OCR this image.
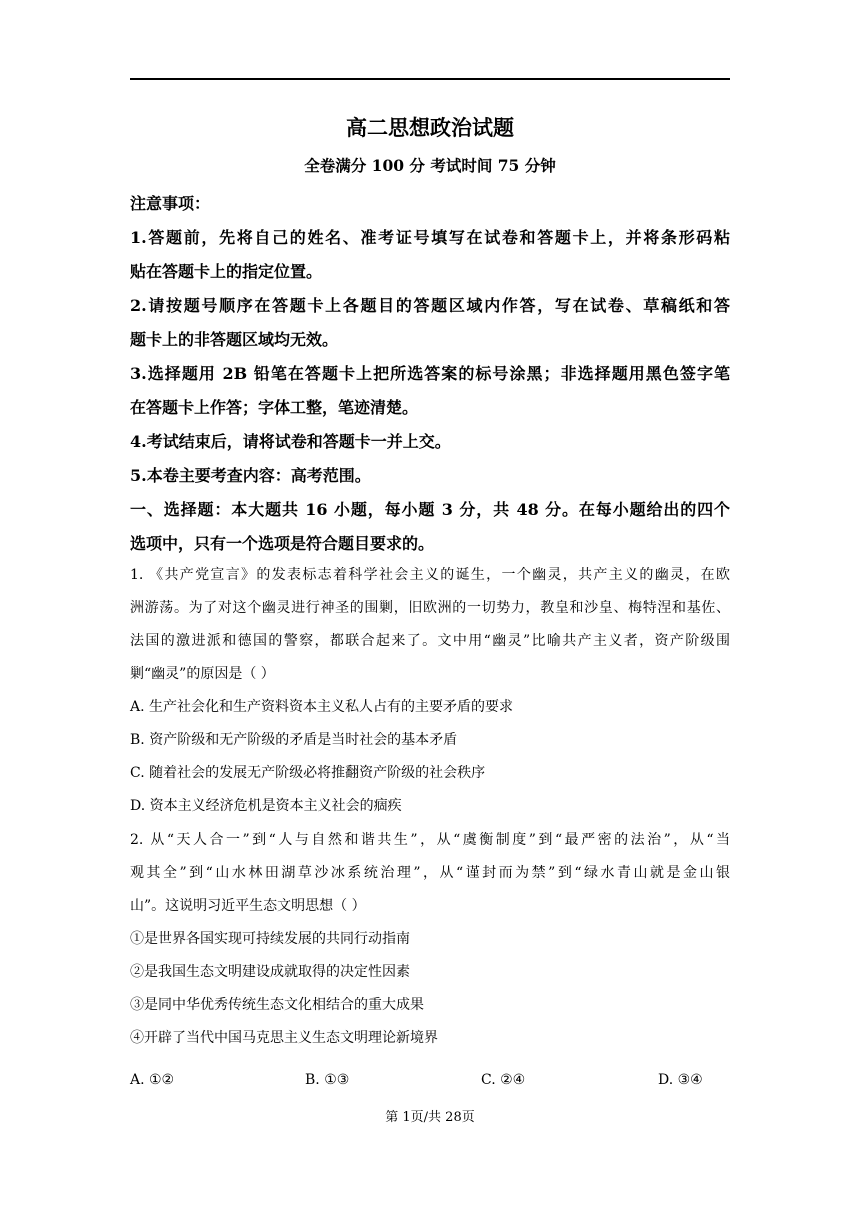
高二思想政治试题
全卷满分 100 分 考试时间 75 分钟
注意事项：
1.答题前，先将自己的姓名、准考证号填写在试卷和答题卡上，并将条形码粘
贴在答题卡上的指定位置。
2.请按题号顺序在答题卡上各题目的答题区域内作答，写在试卷、草稿纸和答
题卡上的非答题区域均无效。
3.选择题用 2B 铅笔在答题卡上把所选答案的标号涂黑；非选择题用黑色签字笔
在答题卡上作答；字体工整，笔迹清楚。
4.考试结束后，请将试卷和答题卡一并上交。
5.本卷主要考查内容：高考范围。
一、选择题：本大题共 16 小题，每小题 3 分，共 48 分。在每小题给出的四个
选项中，只有一个选项是符合题目要求的。
1. 《共产党宣言》的发表标志着科学社会主义的诞生，一个幽灵，共产主义的幽灵，在欧
洲游荡。为了对这个幽灵进行神圣的围剿，旧欧洲的一切势力，教皇和沙皇、梅特涅和基佐、
法国的激进派和德国的警察，都联合起来了。文中用“幽灵”比喻共产主义者，资产阶级围
剿“幽灵”的原因是（ ）
A. 生产社会化和生产资料资本主义私人占有的主要矛盾的要求
B. 资产阶级和无产阶级的矛盾是当时社会的基本矛盾
C. 随着社会的发展无产阶级必将推翻资产阶级的社会秩序
D. 资本主义经济危机是资本主义社会的痼疾
2. 从“天人合一”到“人与自然和谐共生”，从“虞衡制度”到“最严密的法治”，从“当
观其全”到“山水林田湖草沙冰系统治理”，从“谨封而为禁”到“绿水青山就是金山银
山”。这说明习近平生态文明思想（ ）
①是世界各国实现可持续发展的共同行动指南
②是我国生态文明建设成就取得的决定性因素
③是同中华优秀传统生态文化相结合的重大成果
④开辟了当代中国马克思主义生态文明理论新境界
A. ①②	B. ①③	C. ②④	D. ③④
第 1页/共 28页
